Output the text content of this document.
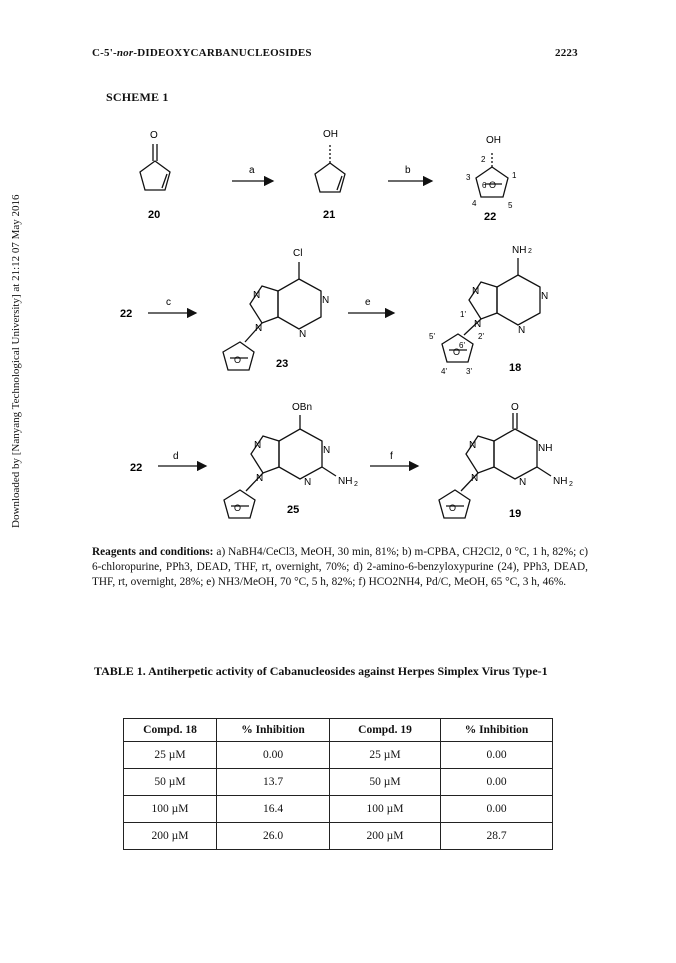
C-5'-nor-DIDEOXYCARBANUCLEOSIDES	2223
Downloaded by [Nanyang Technological University] at 21:12 07 May 2016
SCHEME 1
O
20
a
OH
21
b
OH
O
2
3
4	5
1
6
22
22
c
Cl
N	N
N
N
O	23
e
NH 2
N	N
N
N
O
1'
2'
3'
4'
5'
6'
18
22
d
OBn
N	N
N
N	NH 2
O	25
f
O
N	NH
N
N	NH 2
O	19
Reagents and conditions: a) NaBH4/CeCl3, MeOH, 30 min, 81%; b) m-CPBA, CH2Cl2, 0 °C, 1 h, 82%; c) 6-chloropurine, PPh3, DEAD, THF, rt, overnight, 70%; d) 2-amino-6-benzyloxypurine (24), PPh3, DEAD, THF, rt, overnight, 28%; e) NH3/MeOH, 70 °C, 5 h, 82%; f) HCO2NH4, Pd/C, MeOH, 65 °C, 3 h, 46%.
TABLE 1. Antiherpetic activity of Cabanucleosides against Herpes Simplex Virus Type-1
Compd. 18	% Inhibition	Compd. 19	% Inhibition
25 µM	0.00	25 µM	0.00
50 µM	13.7	50 µM	0.00
100 µM	16.4	100 µM	0.00
200 µM	26.0	200 µM	28.7
